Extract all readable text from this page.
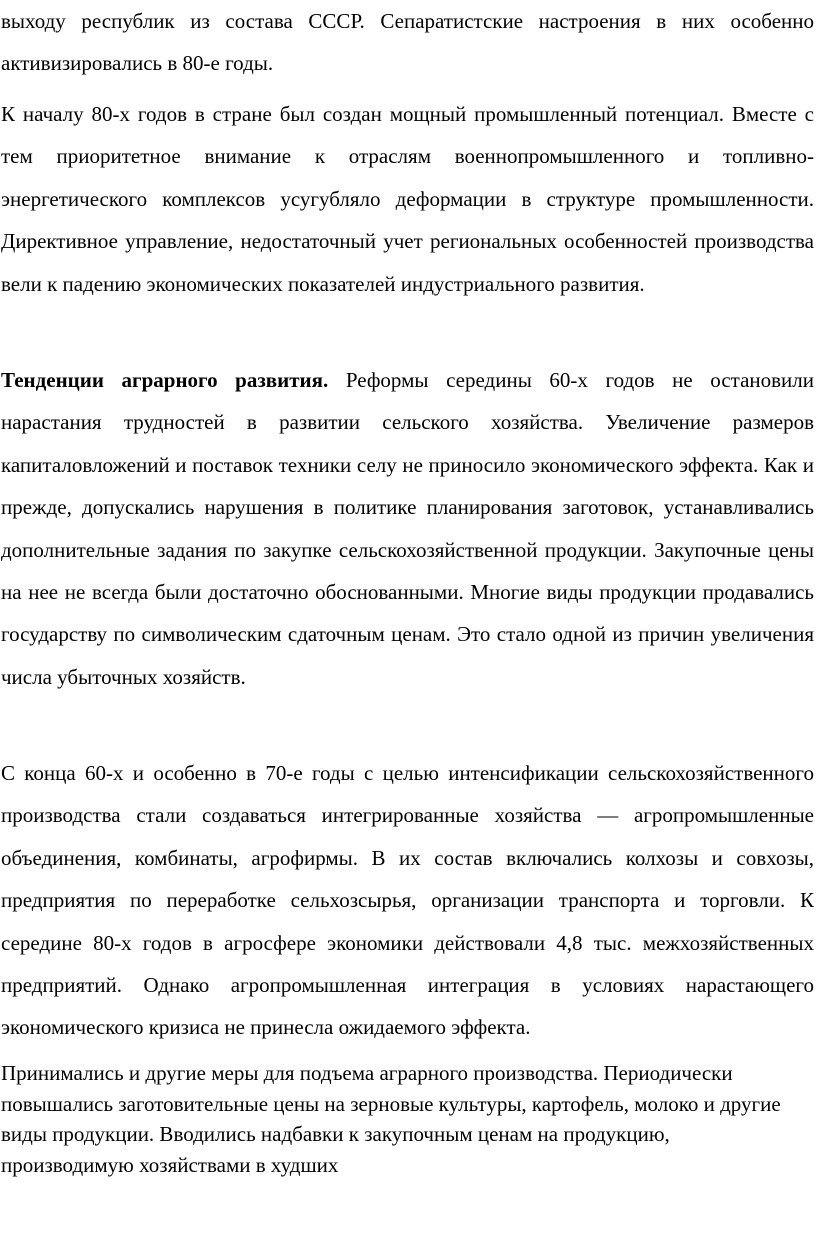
выходу республик из состава СССР. Сепаратистские настроения в них особенно активизировались в 80-е годы.

К началу 80-х годов в стране был создан мощный промышленный потенциал. Вместе с тем приоритетное внимание к отраслям военнопромышленного и топливно-энергетического комплексов усугубляло деформации в структуре промышленности. Директивное управление, недостаточный учет региональных особенностей производства вели к падению экономических показателей индустриального развития.

Тенденции аграрного развития. Реформы середины 60-х годов не остановили нарастания трудностей в развитии сельского хозяйства. Увеличение размеров капиталовложений и поставок техники селу не приносило экономического эффекта. Как и прежде, допускались нарушения в политике планирования заготовок, устанавливались дополнительные задания по закупке сельскохозяйственной продукции. Закупочные цены на нее не всегда были достаточно обоснованными. Многие виды продукции продавались государству по символическим сдаточным ценам. Это стало одной из причин увеличения числа убыточных хозяйств.

С конца 60-х и особенно в 70-е годы с целью интенсификации сельскохозяйственного производства стали создаваться интегрированные хозяйства — агропромышленные объединения, комбинаты, агрофирмы. В их состав включались колхозы и совхозы, предприятия по переработке сельхозсырья, организации транспорта и торговли. К середине 80-х годов в агросфере экономики действовали 4,8 тыс. межхозяйственных предприятий. Однако агропромышленная интеграция в условиях нарастающего экономического кризиса не принесла ожидаемого эффекта.

Принимались и другие меры для подъема аграрного производства. Периодически повышались заготовительные цены на зерновые культуры, картофель, молоко и другие виды продукции. Вводились надбавки к закупочным ценам на продукцию, производимую хозяйствами в худших
